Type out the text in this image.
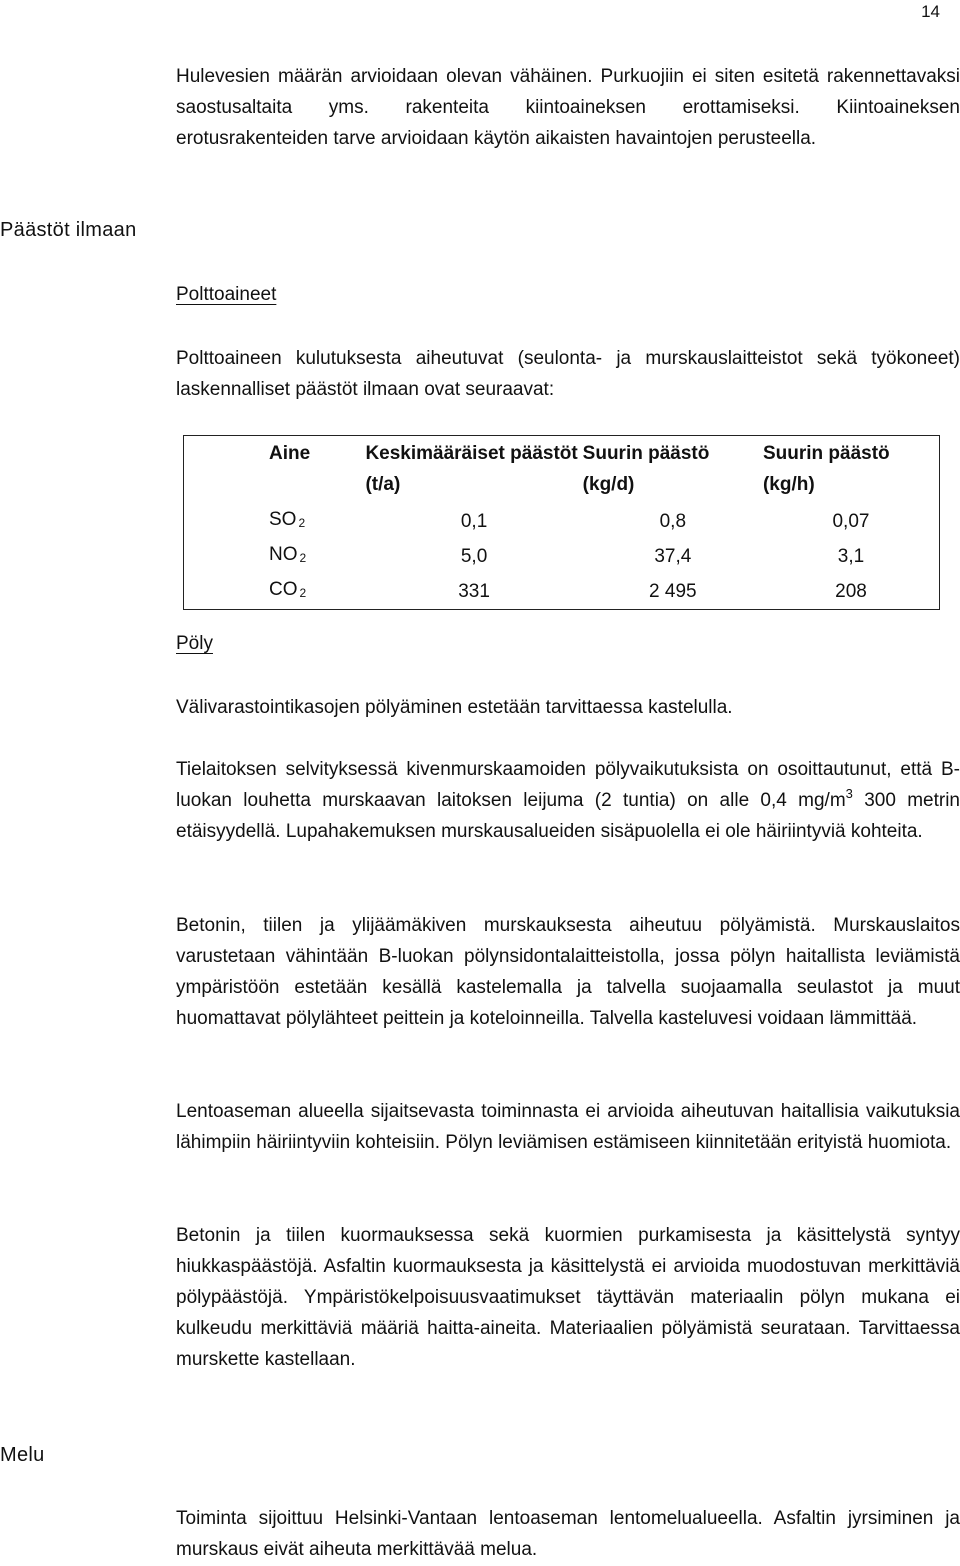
14

Hulevesien määrän arvioidaan olevan vähäinen. Purkuojiin ei siten esitetä rakennettavaksi saostusaltaita yms. rakenteita kiintoaineksen erottamiseksi. Kiintoaineksen erotusrakenteiden tarve arvioidaan käytön aikaisten havaintojen perusteella.

Päästöt ilmaan
Polttoaineet

Polttoaineen kulutuksesta aiheutuvat (seulonta- ja murskauslaitteistot sekä työkoneet) laskennalliset päästöt ilmaan ovat seuraavat:

Aine	Keskimääräiset päästöt (t/a)	Suurin päästö (kg/d)	Suurin päästö (kg/h)
SO $_2$	0,1	0,8	0,07
NO $_2$	5,0	37,4	3,1
CO $_2$	331	2 495	208
Pöly

Välivarastointikasojen pölyäminen estetään tarvittaessa kastelulla.

Tielaitoksen selvityksessä kivenmurskaamoiden pölyvaikutuksista on osoittautunut, että B-luokan louhetta murskaavan laitoksen leijuma (2 tuntia) on alle 0,4 $mg/m^3$ 300 metrin etäisyydellä. Lupahakemuksen murskausalueiden sisäpuolella ei ole häiriintyviä kohteita.

Betonin, tiilen ja ylijäämäkiven murskauksesta aiheutuu pölyämistä. Murskauslaitos varustetaan vähintään B-luokan pölynsidontalaitteistolla, jossa pölyn haitallista leviämistä ympäristöön estetään kesällä kastelemalla ja talvella suojaamalla seulastot ja muut huomattavat pölylähteet peittein ja koteloinneilla. Talvella kasteluvesi voidaan lämmittää.

Lentoaseman alueella sijaitsevasta toiminnasta ei arvioida aiheutuvan haitallisia vaikutuksia lähimpiin häiriintyviin kohteisiin. Pölyn leviämisen estämiseen kiinnitetään erityistä huomiota.

Betonin ja tiilen kuormauksessa sekä kuormien purkamisesta ja käsittelystä syntyy hiukkaspäästöjä. Asfaltin kuormauksesta ja käsittelystä ei arvioida muodostuvan merkittäviä pölypäästöjä. Ympäristökelpoisuusvaatimukset täyttävän materiaalin pölyn mukana ei kulkeudu merkittäviä määriä haitta-aineita. Materiaalien pölyämistä seurataan. Tarvittaessa murskette kastellaan.

Melu

Toiminta sijoittuu Helsinki-Vantaan lentoaseman lentomelualueella. Asfaltin jyrsiminen ja murskaus eivät aiheuta merkittävää melua.
